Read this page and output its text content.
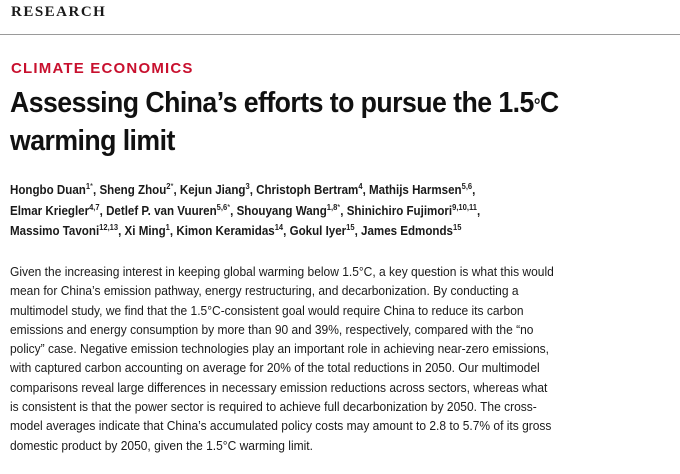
RESEARCH
CLIMATE ECONOMICS
Assessing China’s efforts to pursue the 1.5°C
warming limit
Hongbo Duan$^{1*}$, Sheng Zhou$^{2*}$, Kejun Jiang$^3$, Christoph Bertram$^4$, Mathijs Harmsen$^{5,6}$,
Elmar Kriegler$^{4,7}$, Detlef P. van Vuuren$^{5,6*}$, Shouyang Wang$^{1,8*}$, Shinichiro Fujimori$^{9,10,11}$,
Massimo Tavoni$^{12,13}$, Xi Ming$^1$, Kimon Keramidas$^{14}$, Gokul Iyer$^{15}$, James Edmonds$^{15}$

Given the increasing interest in keeping global warming below 1.5°C, a key question is what this would
mean for China’s emission pathway, energy restructuring, and decarbonization. By conducting a
multimodel study, we find that the 1.5°C-consistent goal would require China to reduce its carbon
emissions and energy consumption by more than 90 and 39%, respectively, compared with the “no
policy” case. Negative emission technologies play an important role in achieving near-zero emissions,
with captured carbon accounting on average for 20% of the total reductions in 2050. Our multimodel
comparisons reveal large differences in necessary emission reductions across sectors, whereas what
is consistent is that the power sector is required to achieve full decarbonization by 2050. The cross-
model averages indicate that China’s accumulated policy costs may amount to 2.8 to 5.7% of its gross
domestic product by 2050, given the 1.5°C warming limit.
